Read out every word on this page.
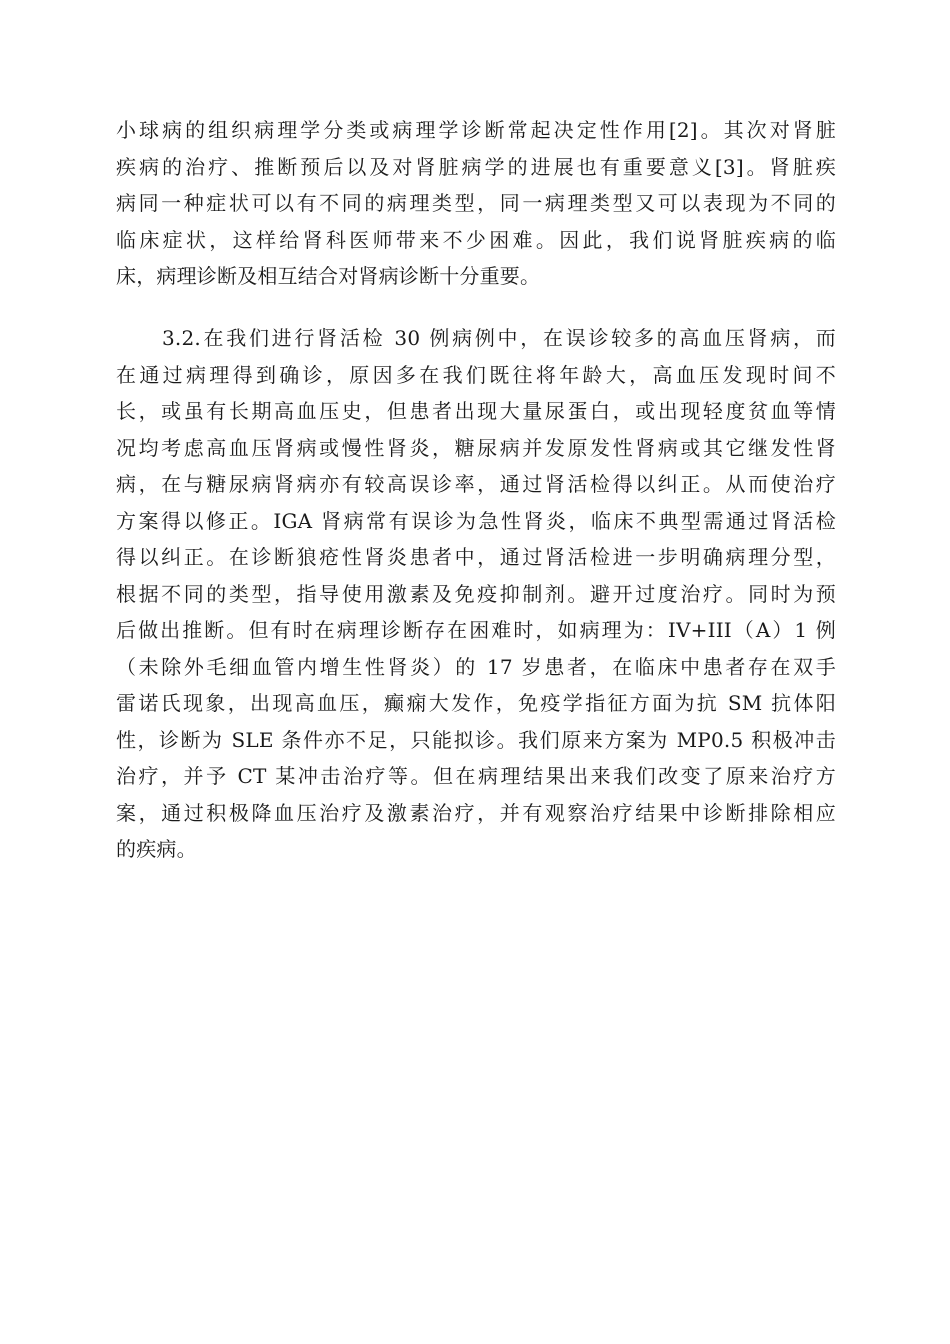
小球病的组织病理学分类或病理学诊断常起决定性作用[2]。其次对肾脏
疾病的治疗、推断预后以及对肾脏病学的进展也有重要意义[3]。肾脏疾
病同一种症状可以有不同的病理类型，同一病理类型又可以表现为不同的
临床症状，这样给肾科医师带来不少困难。因此，我们说肾脏疾病的临
床，病理诊断及相互结合对肾病诊断十分重要。
3.2.在我们进行肾活检 30 例病例中，在误诊较多的高血压肾病，而
在通过病理得到确诊，原因多在我们既往将年龄大，高血压发现时间不
长，或虽有长期高血压史，但患者出现大量尿蛋白，或出现轻度贫血等情
况均考虑高血压肾病或慢性肾炎，糖尿病并发原发性肾病或其它继发性肾
病，在与糖尿病肾病亦有较高误诊率，通过肾活检得以纠正。从而使治疗
方案得以修正。IGA 肾病常有误诊为急性肾炎，临床不典型需通过肾活检
得以纠正。在诊断狼疮性肾炎患者中，通过肾活检进一步明确病理分型，
根据不同的类型，指导使用激素及免疫抑制剂。避开过度治疗。同时为预
后做出推断。但有时在病理诊断存在困难时，如病理为：IV+III（A）1 例
（未除外毛细血管内增生性肾炎）的 17 岁患者，在临床中患者存在双手
雷诺氏现象，出现高血压，癫痫大发作，免疫学指征方面为抗 SM 抗体阳
性，诊断为 SLE 条件亦不足，只能拟诊。我们原来方案为 MP0.5 积极冲击
治疗，并予 CT 某冲击治疗等。但在病理结果出来我们改变了原来治疗方
案，通过积极降血压治疗及激素治疗，并有观察治疗结果中诊断排除相应
的疾病。
